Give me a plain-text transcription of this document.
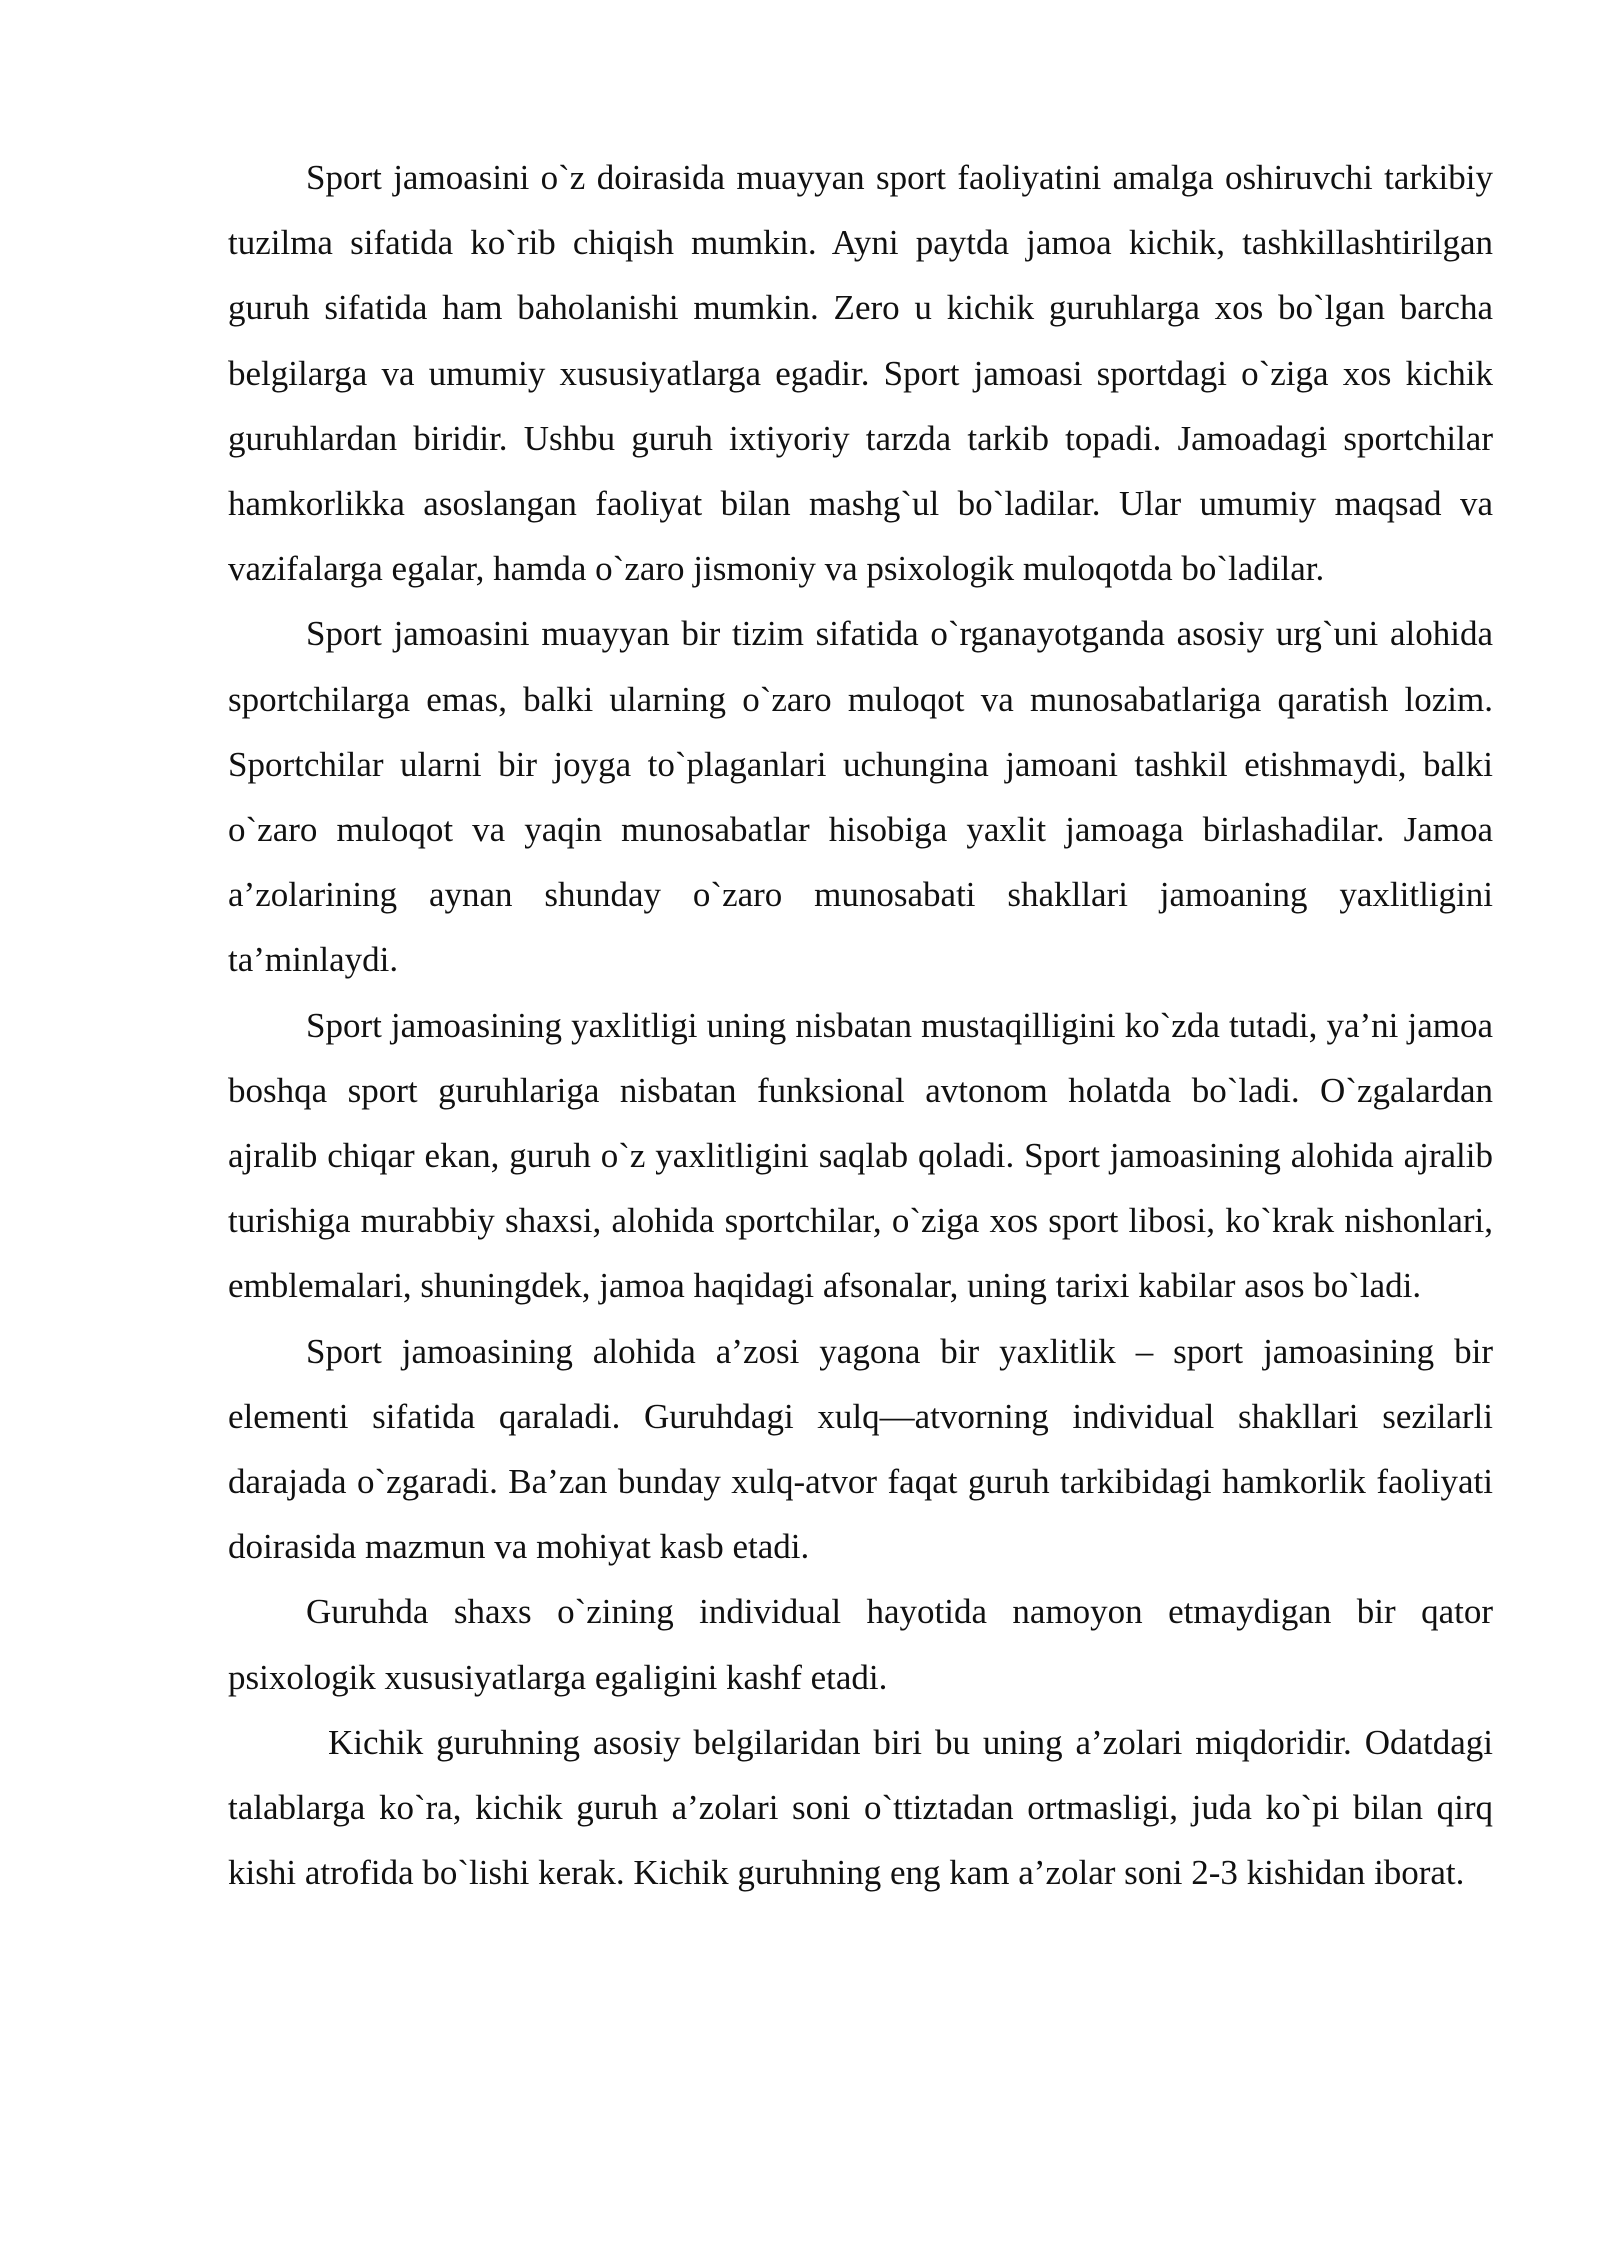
Sport jamoasini o`z doirasida muayyan sport faoliyatini amalga oshiruvchi tarkibiy tuzilma sifatida ko`rib chiqish mumkin. Ayni paytda jamoa kichik, tashkillashtirilgan guruh sifatida ham baholanishi mumkin. Zero u kichik guruhlarga xos bo`lgan barcha belgilarga va umumiy xususiyatlarga egadir. Sport jamoasi sportdagi o`ziga xos kichik guruhlardan biridir. Ushbu guruh ixtiyoriy tarzda tarkib topadi. Jamoadagi sportchilar hamkorlikka asoslangan faoliyat bilan mashg`ul bo`ladilar. Ular umumiy maqsad va vazifalarga egalar, hamda o`zaro jismoniy va psixologik muloqotda bo`ladilar.

Sport jamoasini muayyan bir tizim sifatida o`rganayotganda asosiy urg`uni alohida sportchilarga emas, balki ularning o`zaro muloqot va munosabatlariga qaratish lozim. Sportchilar ularni bir joyga to`plaganlari uchungina jamoani tashkil etishmaydi, balki o`zaro muloqot va yaqin munosabatlar hisobiga yaxlit jamoaga birlashadilar. Jamoa a’zolarining aynan shunday o`zaro munosabati shakllari jamoaning yaxlitligini ta’minlaydi.

Sport jamoasining yaxlitligi uning nisbatan mustaqilligini ko`zda tutadi, ya’ni jamoa boshqa sport guruhlariga nisbatan funksional avtonom holatda bo`ladi. O`zgalardan ajralib chiqar ekan, guruh o`z yaxlitligini saqlab qoladi. Sport jamoasining alohida ajralib turishiga murabbiy shaxsi, alohida sportchilar, o`ziga xos sport libosi, ko`krak nishonlari, emblemalari, shuningdek, jamoa haqidagi afsonalar, uning tarixi kabilar asos bo`ladi.

Sport jamoasining alohida a’zosi yagona bir yaxlitlik – sport jamoasining bir elementi sifatida qaraladi. Guruhdagi xulq—atvorning individual shakllari sezilarli darajada o`zgaradi. Ba’zan bunday xulq-atvor faqat guruh tarkibidagi hamkorlik faoliyati doirasida mazmun va mohiyat kasb etadi.

Guruhda shaxs o`zining individual hayotida namoyon etmaydigan bir qator psixologik xususiyatlarga egaligini kashf etadi.

Kichik guruhning asosiy belgilaridan biri bu uning a’zolari miqdoridir. Odatdagi talablarga ko`ra, kichik guruh a’zolari soni o`ttiztadan ortmasligi, juda ko`pi bilan qirq kishi atrofida bo`lishi kerak. Kichik guruhning eng kam a’zolar soni 2-3 kishidan iborat.
